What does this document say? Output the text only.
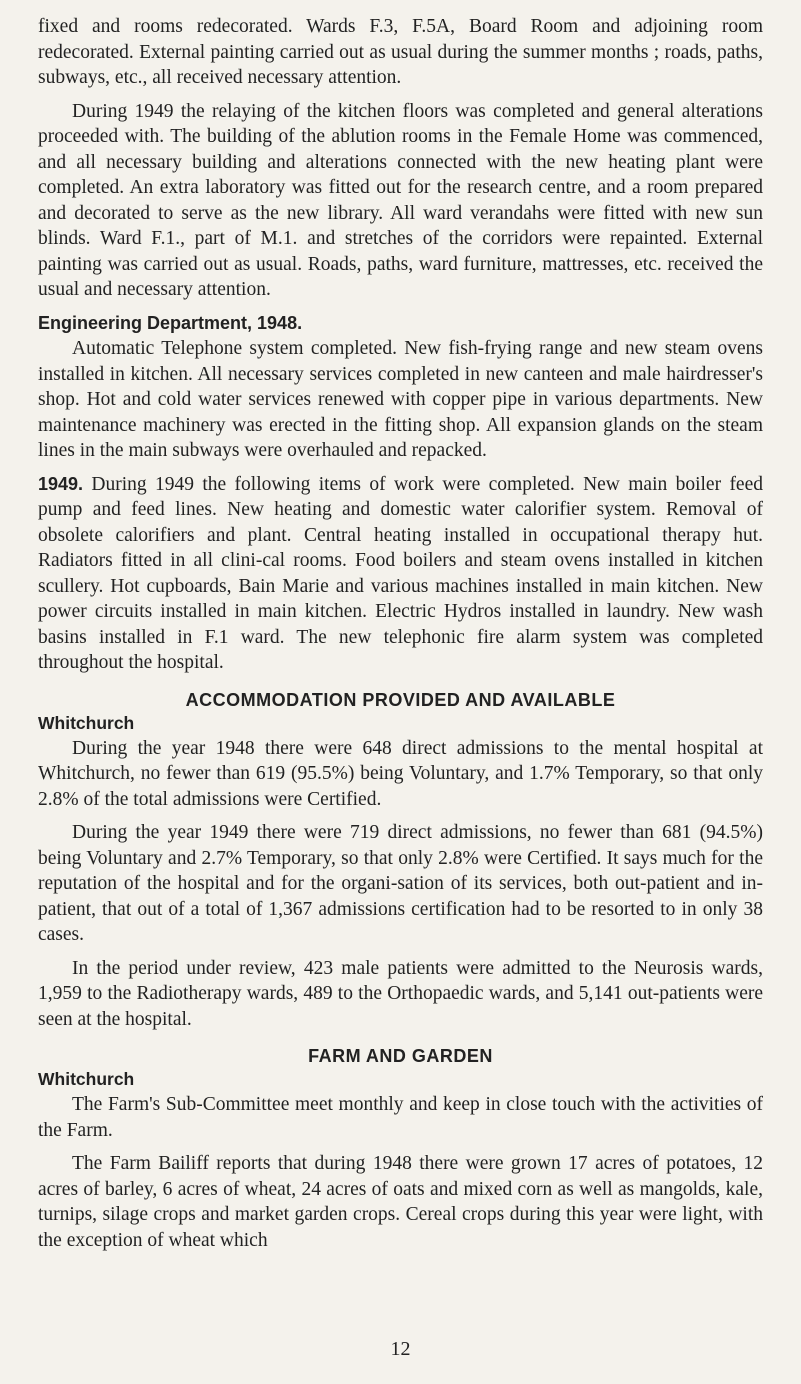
fixed and rooms redecorated. Wards F.3, F.5A, Board Room and adjoining room redecorated. External painting carried out as usual during the summer months ; roads, paths, subways, etc., all received necessary attention.

During 1949 the relaying of the kitchen floors was completed and general alterations proceeded with. The building of the ablution rooms in the Female Home was commenced, and all necessary building and alterations connected with the new heating plant were completed. An extra laboratory was fitted out for the research centre, and a room prepared and decorated to serve as the new library. All ward verandahs were fitted with new sun blinds. Ward F.1., part of M.1. and stretches of the corridors were repainted. External painting was carried out as usual. Roads, paths, ward furniture, mattresses, etc. received the usual and necessary attention.

Engineering Department, 1948.

Automatic Telephone system completed. New fish-frying range and new steam ovens installed in kitchen. All necessary services completed in new canteen and male hairdresser's shop. Hot and cold water services renewed with copper pipe in various departments. New maintenance machinery was erected in the fitting shop. All expansion glands on the steam lines in the main subways were overhauled and repacked.

1949. During 1949 the following items of work were completed. New main boiler feed pump and feed lines. New heating and domestic water calorifier system. Removal of obsolete calorifiers and plant. Central heating installed in occupational therapy hut. Radiators fitted in all clini-cal rooms. Food boilers and steam ovens installed in kitchen scullery. Hot cupboards, Bain Marie and various machines installed in main kitchen. New power circuits installed in main kitchen. Electric Hydros installed in laundry. New wash basins installed in F.1 ward. The new telephonic fire alarm system was completed throughout the hospital.

ACCOMMODATION PROVIDED AND AVAILABLE
Whitchurch

During the year 1948 there were 648 direct admissions to the mental hospital at Whitchurch, no fewer than 619 (95.5%) being Voluntary, and 1.7% Temporary, so that only 2.8% of the total admissions were Certified.

During the year 1949 there were 719 direct admissions, no fewer than 681 (94.5%) being Voluntary and 2.7% Temporary, so that only 2.8% were Certified. It says much for the reputation of the hospital and for the organi-sation of its services, both out-patient and in-patient, that out of a total of 1,367 admissions certification had to be resorted to in only 38 cases.

In the period under review, 423 male patients were admitted to the Neurosis wards, 1,959 to the Radiotherapy wards, 489 to the Orthopaedic wards, and 5,141 out-patients were seen at the hospital.

FARM AND GARDEN
Whitchurch

The Farm's Sub-Committee meet monthly and keep in close touch with the activities of the Farm.

The Farm Bailiff reports that during 1948 there were grown 17 acres of potatoes, 12 acres of barley, 6 acres of wheat, 24 acres of oats and mixed corn as well as mangolds, kale, turnips, silage crops and market garden crops. Cereal crops during this year were light, with the exception of wheat which

12
